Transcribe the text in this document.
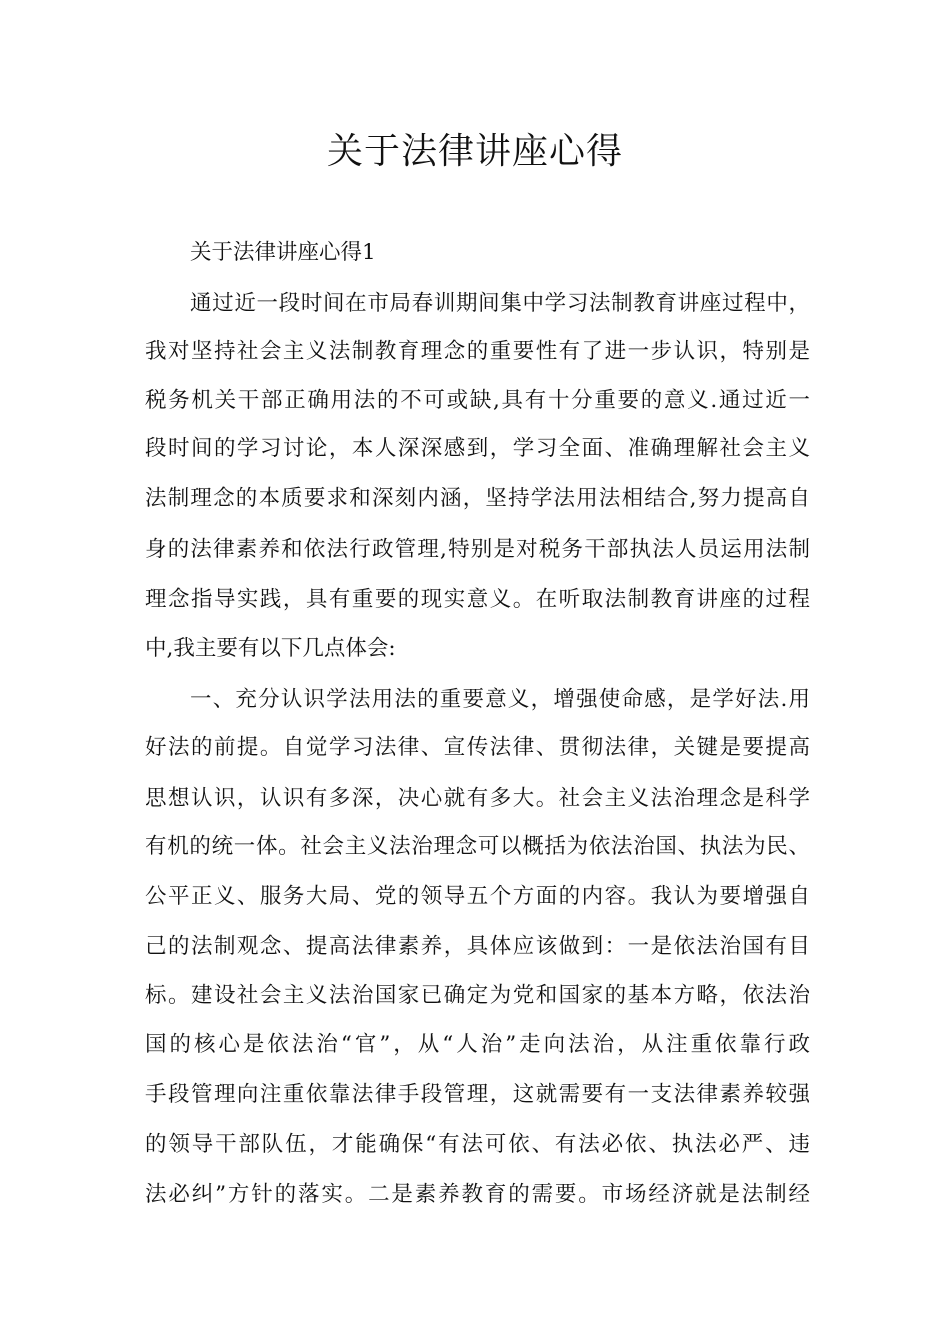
关于法律讲座心得
关于法律讲座心得1
通过近一段时间在市局春训期间集中学习法制教育讲座过程中，
我对坚持社会主义法制教育理念的重要性有了进一步认识，特别是
税务机关干部正确用法的不可或缺,具有十分重要的意义.通过近一
段时间的学习讨论，本人深深感到，学习全面、准确理解社会主义
法制理念的本质要求和深刻内涵，坚持学法用法相结合,努力提高自
身的法律素养和依法行政管理,特别是对税务干部执法人员运用法制
理念指导实践，具有重要的现实意义。在听取法制教育讲座的过程
中,我主要有以下几点体会:
一、充分认识学法用法的重要意义，增强使命感，是学好法.用
好法的前提。自觉学习法律、宣传法律、贯彻法律，关键是要提高
思想认识，认识有多深，决心就有多大。社会主义法治理念是科学
有机的统一体。社会主义法治理念可以概括为依法治国、执法为民、
公平正义、服务大局、党的领导五个方面的内容。我认为要增强自
己的法制观念、提高法律素养，具体应该做到：一是依法治国有目
标。建设社会主义法治国家已确定为党和国家的基本方略，依法治
国的核心是依法治“官”，从“人治”走向法治，从注重依靠行政
手段管理向注重依靠法律手段管理，这就需要有一支法律素养较强
的领导干部队伍，才能确保“有法可依、有法必依、执法必严、违
法必纠”方针的落实。二是素养教育的需要。市场经济就是法制经
